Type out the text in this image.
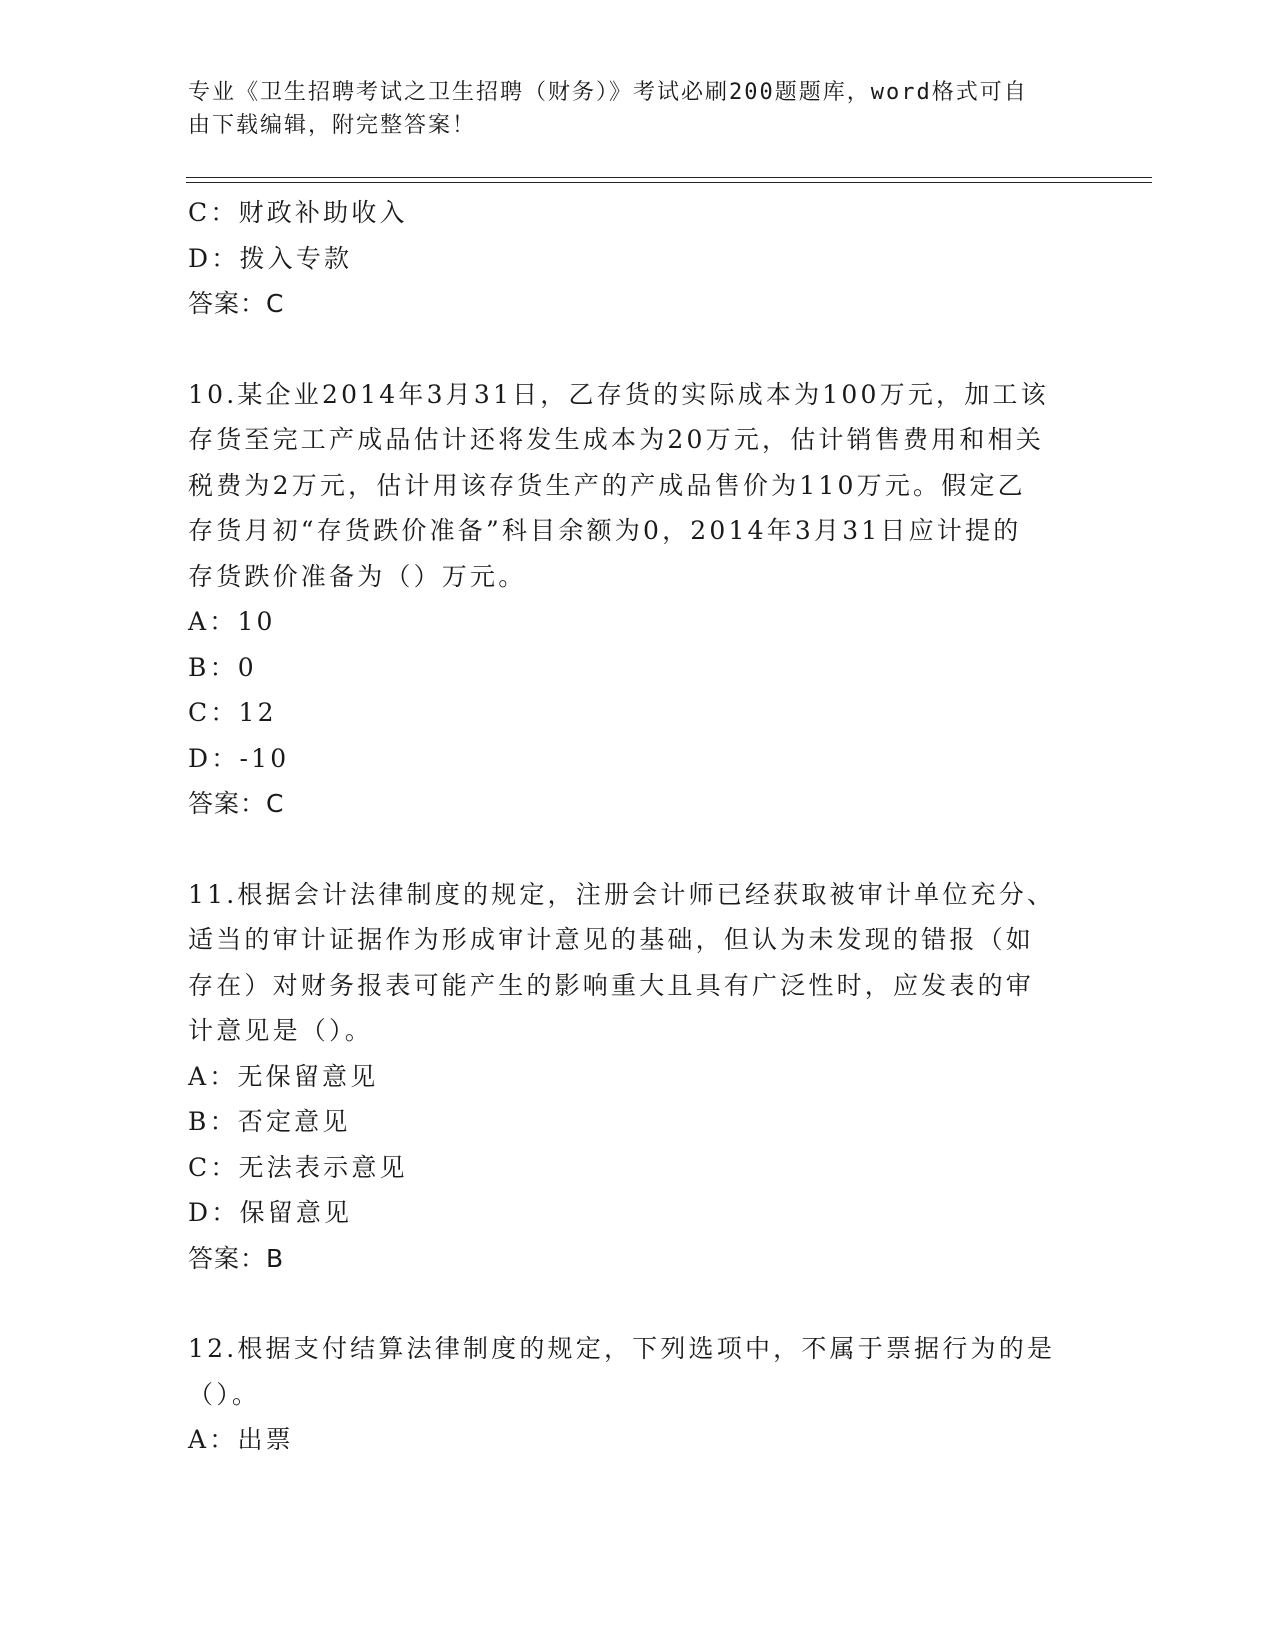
专业《卫生招聘考试之卫生招聘（财务）》考试必刷200题题库，word格式可自
由下载编辑，附完整答案！
C：财政补助收入
D：拨入专款
答案：C
10.某企业2014年3月31日，乙存货的实际成本为100万元，加工该
存货至完工产成品估计还将发生成本为20万元，估计销售费用和相关
税费为2万元，估计用该存货生产的产成品售价为110万元。假定乙
存货月初“存货跌价准备”科目余额为0，2014年3月31日应计提的
存货跌价准备为（）万元。
A：10
B：0
C：12
D：-10
答案：C
11.根据会计法律制度的规定，注册会计师已经获取被审计单位充分、
适当的审计证据作为形成审计意见的基础，但认为未发现的错报（如
存在）对财务报表可能产生的影响重大且具有广泛性时，应发表的审
计意见是（）。
A：无保留意见
B：否定意见
C：无法表示意见
D：保留意见
答案：B
12.根据支付结算法律制度的规定，下列选项中，不属于票据行为的是
（）。
A：出票
